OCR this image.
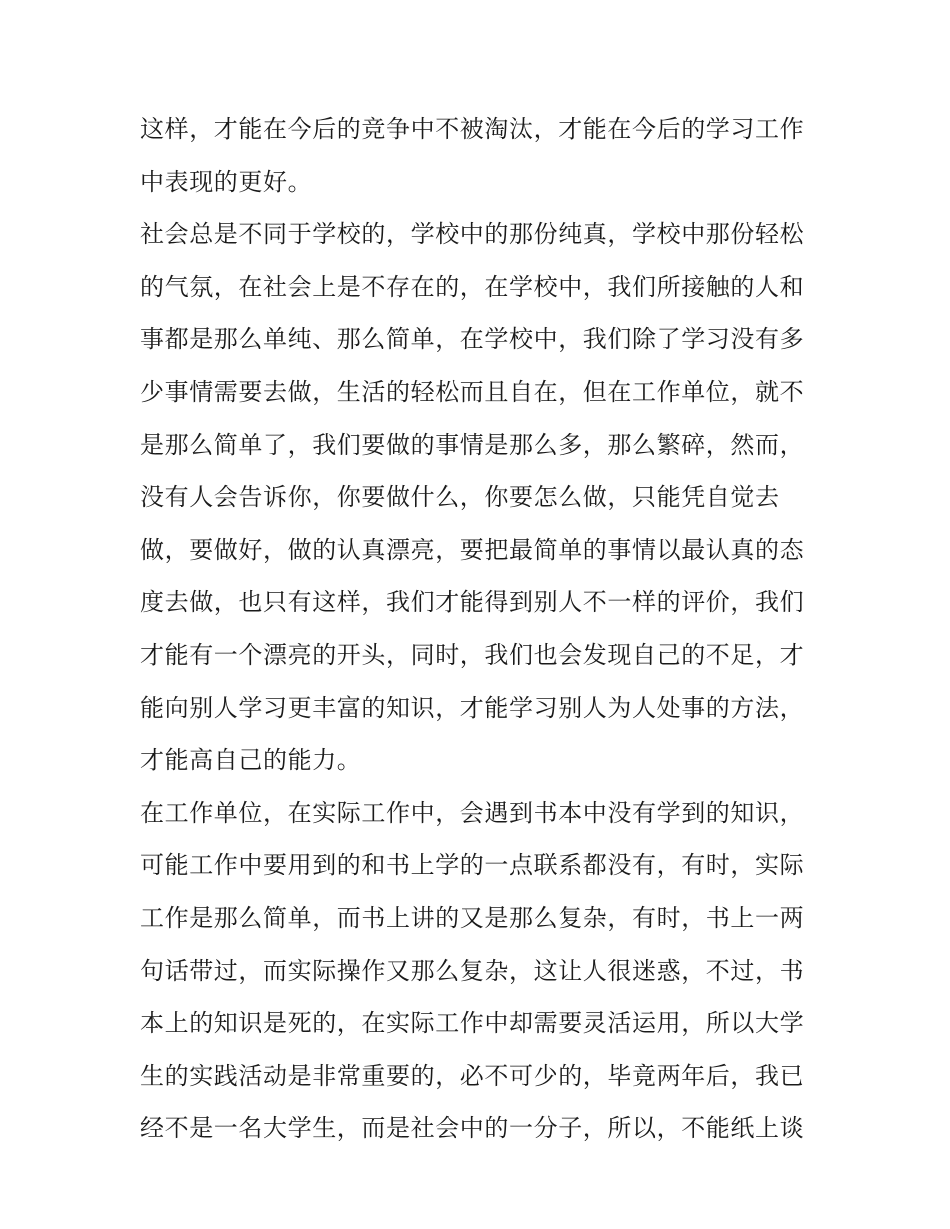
这样，才能在今后的竞争中不被淘汰，才能在今后的学习工作
中表现的更好。
社会总是不同于学校的，学校中的那份纯真，学校中那份轻松
的气氛，在社会上是不存在的，在学校中，我们所接触的人和
事都是那么单纯、那么简单，在学校中，我们除了学习没有多
少事情需要去做，生活的轻松而且自在，但在工作单位，就不
是那么简单了，我们要做的事情是那么多，那么繁碎，然而，
没有人会告诉你，你要做什么，你要怎么做，只能凭自觉去
做，要做好，做的认真漂亮，要把最简单的事情以最认真的态
度去做，也只有这样，我们才能得到别人不一样的评价，我们
才能有一个漂亮的开头，同时，我们也会发现自己的不足，才
能向别人学习更丰富的知识，才能学习别人为人处事的方法，
才能高自己的能力。
在工作单位，在实际工作中，会遇到书本中没有学到的知识，
可能工作中要用到的和书上学的一点联系都没有，有时，实际
工作是那么简单，而书上讲的又是那么复杂，有时，书上一两
句话带过，而实际操作又那么复杂，这让人很迷惑，不过，书
本上的知识是死的，在实际工作中却需要灵活运用，所以大学
生的实践活动是非常重要的，必不可少的，毕竟两年后，我已
经不是一名大学生，而是社会中的一分子，所以，不能纸上谈
